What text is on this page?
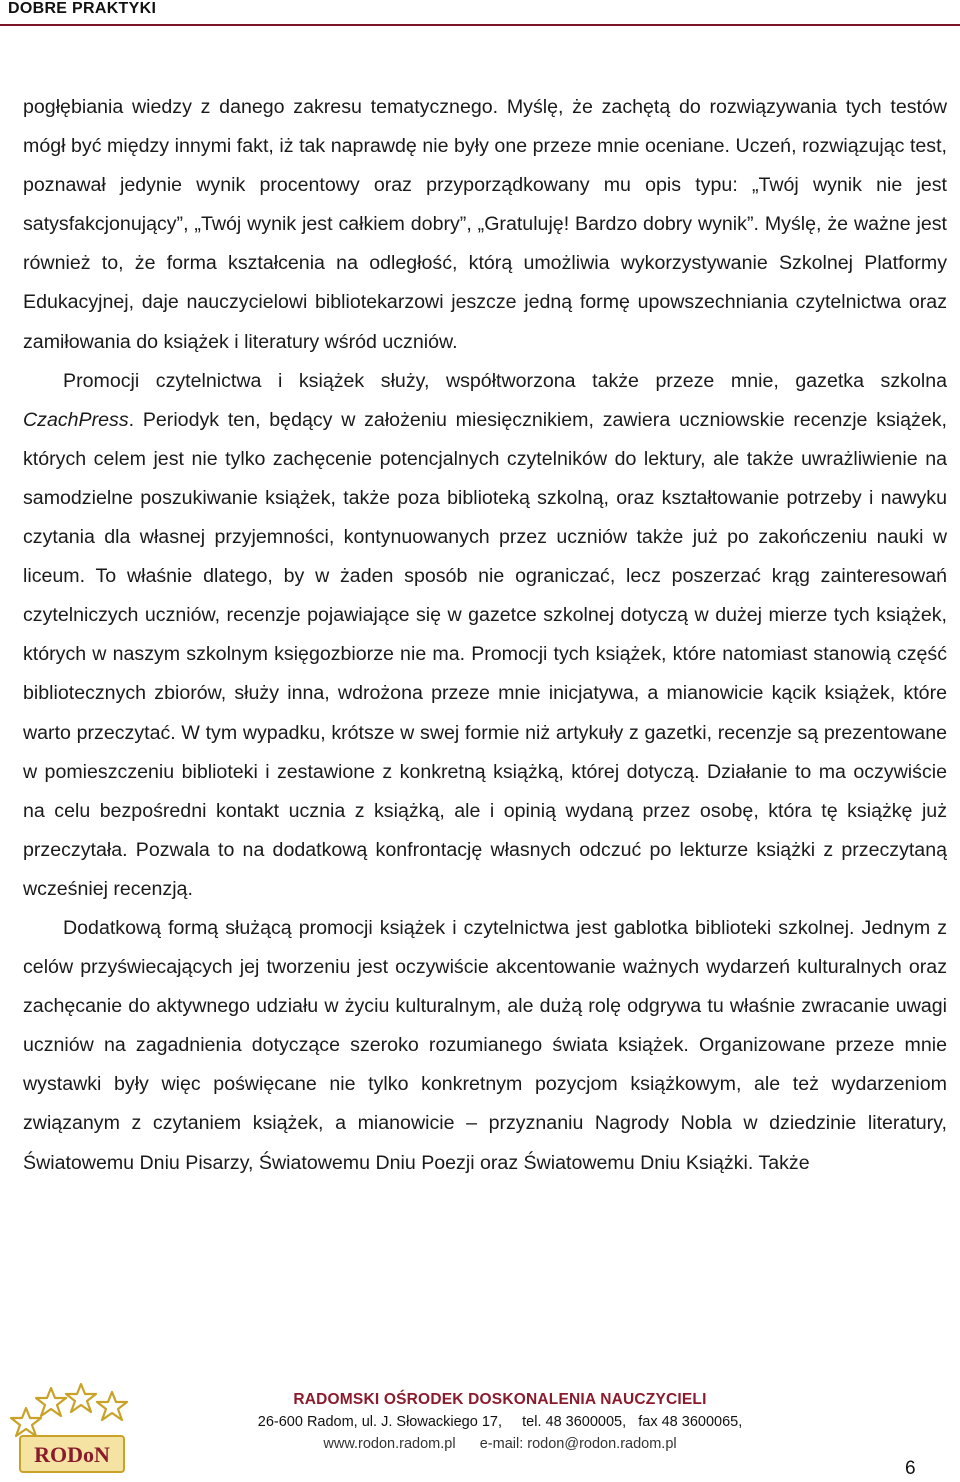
DOBRE PRAKTYKI

pogłębiania wiedzy z danego zakresu tematycznego. Myślę, że zachętą do rozwiązywania tych testów mógł być między innymi fakt, iż tak naprawdę nie były one przeze mnie oceniane. Uczeń, rozwiązując test, poznawał jedynie wynik procentowy oraz przyporządkowany mu opis typu: „Twój wynik nie jest satysfakcjonujący”, „Twój wynik jest całkiem dobry”, „Gratuluję! Bardzo dobry wynik”. Myślę, że ważne jest również to, że forma kształcenia na odległość, którą umożliwia wykorzystywanie Szkolnej Platformy Edukacyjnej, daje nauczycielowi bibliotekarzowi jeszcze jedną formę upowszechniania czytelnictwa oraz zamiłowania do książek i literatury wśród uczniów.

Promocji czytelnictwa i książek służy, współtworzona także przeze mnie, gazetka szkolna CzachPress. Periodyk ten, będący w założeniu miesięcznikiem, zawiera uczniowskie recenzje książek, których celem jest nie tylko zachęcenie potencjalnych czytelników do lektury, ale także uwrażliwienie na samodzielne poszukiwanie książek, także poza biblioteką szkolną, oraz kształtowanie potrzeby i nawyku czytania dla własnej przyjemności, kontynuowanych przez uczniów także już po zakończeniu nauki w liceum. To właśnie dlatego, by w żaden sposób nie ograniczać, lecz poszerzać krąg zainteresowań czytelniczych uczniów, recenzje pojawiające się w gazetce szkolnej dotyczą w dużej mierze tych książek, których w naszym szkolnym księgozbiorze nie ma. Promocji tych książek, które natomiast stanowią część bibliotecznych zbiorów, służy inna, wdrożona przeze mnie inicjatywa, a mianowicie kącik książek, które warto przeczytać. W tym wypadku, krótsze w swej formie niż artykuły z gazetki, recenzje są prezentowane w pomieszczeniu biblioteki i zestawione z konkretną książką, której dotyczą. Działanie to ma oczywiście na celu bezpośredni kontakt ucznia z książką, ale i opinią wydaną przez osobę, która tę książkę już przeczytała. Pozwala to na dodatkową konfrontację własnych odczuć po lekturze książki z przeczytaną wcześniej recenzją.

Dodatkową formą służącą promocji książek i czytelnictwa jest gablotka biblioteki szkolnej. Jednym z celów przyświecających jej tworzeniu jest oczywiście akcentowanie ważnych wydarzeń kulturalnych oraz zachęcanie do aktywnego udziału w życiu kulturalnym, ale dużą rolę odgrywa tu właśnie zwracanie uwagi uczniów na zagadnienia dotyczące szeroko rozumianego świata książek. Organizowane przeze mnie wystawki były więc poświęcane nie tylko konkretnym pozycjom książkowym, ale też wydarzeniom związanym z czytaniem książek, a mianowicie – przyznaniu Nagrody Nobla w dziedzinie literatury, Światowemu Dniu Pisarzy, Światowemu Dniu Poezji oraz Światowemu Dniu Książki. Także

RODoN
RADOMSKI OŚRODEK DOSKONALENIA NAUCZYCIELI
26-600 Radom, ul. J. Słowackiego 17,     tel. 48 3600005,   fax 48 3600065,
www.rodon.radom.pl      e-mail: rodon@rodon.radom.pl
6
